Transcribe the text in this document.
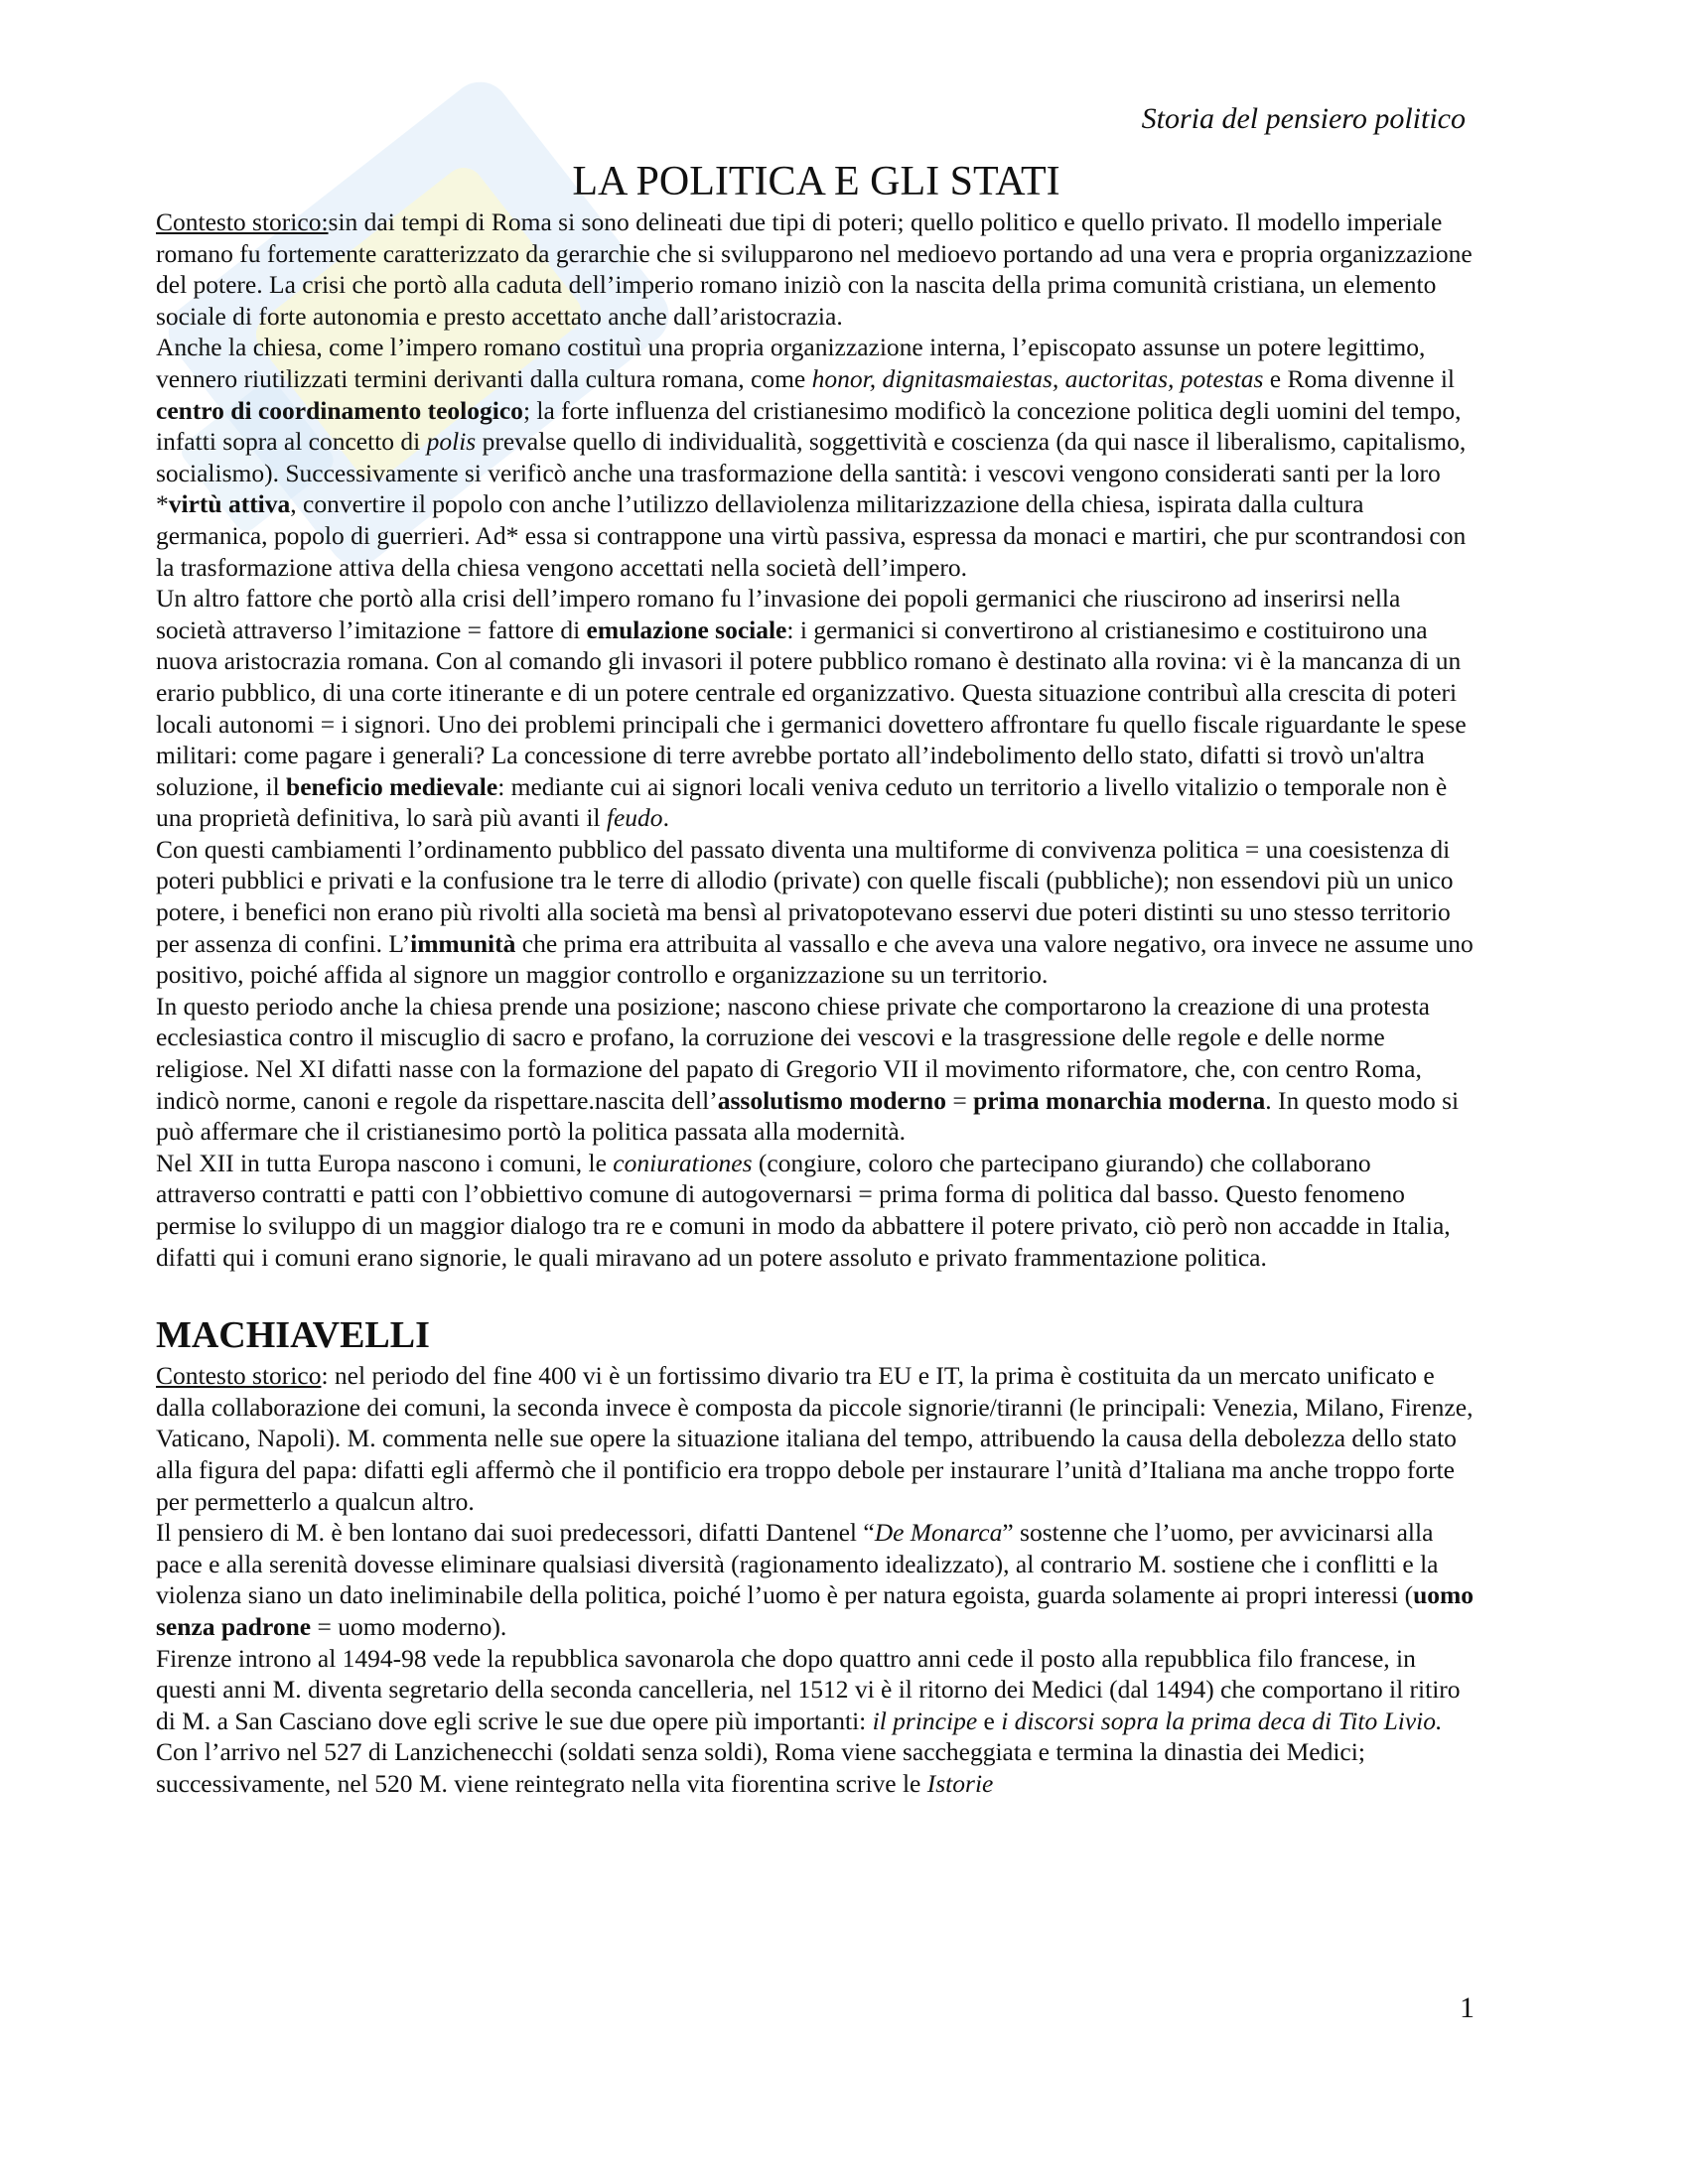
Storia del pensiero politico
LA POLITICA E GLI STATI

Contesto storico:sin dai tempi di Roma si sono delineati due tipi di poteri; quello politico e quello privato. Il modello imperiale romano fu fortemente caratterizzato da gerarchie che si svilupparono nel medioevo portando ad una vera e propria organizzazione del potere. La crisi che portò alla caduta dell’imperio romano iniziò con la nascita della prima comunità cristiana, un elemento sociale di forte autonomia e presto accettato anche dall’aristocrazia.

Anche la chiesa, come l’impero romano costituì una propria organizzazione interna, l’episcopato assunse un potere legittimo, vennero riutilizzati termini derivanti dalla cultura romana, come honor, dignitasmaiestas, auctoritas, potestas e Roma divenne il centro di coordinamento teologico; la forte influenza del cristianesimo modificò la concezione politica degli uomini del tempo, infatti sopra al concetto di polis prevalse quello di individualità, soggettività e coscienza (da qui nasce il liberalismo, capitalismo, socialismo). Successivamente si verificò anche una trasformazione della santità: i vescovi vengono considerati santi per la loro *virtù attiva, convertire il popolo con anche l’utilizzo dellaviolenza militarizzazione della chiesa, ispirata dalla cultura germanica, popolo di guerrieri. Ad* essa si contrappone una virtù passiva, espressa da monaci e martiri, che pur scontrandosi con la trasformazione attiva della chiesa vengono accettati nella società dell’impero.

Un altro fattore che portò alla crisi dell’impero romano fu l’invasione dei popoli germanici che riuscirono ad inserirsi nella società attraverso l’imitazione = fattore di emulazione sociale: i germanici si convertirono al cristianesimo e costituirono una nuova aristocrazia romana. Con al comando gli invasori il potere pubblico romano è destinato alla rovina: vi è la mancanza di un erario pubblico, di una corte itinerante e di un potere centrale ed organizzativo. Questa situazione contribuì alla crescita di poteri locali autonomi = i signori. Uno dei problemi principali che i germanici dovettero affrontare fu quello fiscale riguardante le spese militari: come pagare i generali? La concessione di terre avrebbe portato all’indebolimento dello stato, difatti si trovò un'altra soluzione, il beneficio medievale: mediante cui ai signori locali veniva ceduto un territorio a livello vitalizio o temporale non è una proprietà definitiva, lo sarà più avanti il feudo.

Con questi cambiamenti l’ordinamento pubblico del passato diventa una multiforme di convivenza politica = una coesistenza di poteri pubblici e privati e la confusione tra le terre di allodio (private) con quelle fiscali (pubbliche); non essendovi più un unico potere, i benefici non erano più rivolti alla società ma bensì al privatopotevano esservi due poteri distinti su uno stesso territorio per assenza di confini. L’immunità che prima era attribuita al vassallo e che aveva una valore negativo, ora invece ne assume uno positivo, poiché affida al signore un maggior controllo e organizzazione su un territorio.

In questo periodo anche la chiesa prende una posizione; nascono chiese private che comportarono la creazione di una protesta ecclesiastica contro il miscuglio di sacro e profano, la corruzione dei vescovi e la trasgressione delle regole e delle norme religiose. Nel XI difatti nasse con la formazione del papato di Gregorio VII il movimento riformatore, che, con centro Roma, indicò norme, canoni e regole da rispettare.nascita dell’assolutismo moderno = prima monarchia moderna. In questo modo si può affermare che il cristianesimo portò la politica passata alla modernità.

Nel XII in tutta Europa nascono i comuni, le coniurationes (congiure, coloro che partecipano giurando) che collaborano attraverso contratti e patti con l’obbiettivo comune di autogovernarsi = prima forma di politica dal basso. Questo fenomeno permise lo sviluppo di un maggior dialogo tra re e comuni in modo da abbattere il potere privato, ciò però non accadde in Italia, difatti qui i comuni erano signorie, le quali miravano ad un potere assoluto e privato frammentazione politica.

MACHIAVELLI

Contesto storico: nel periodo del fine 400 vi è un fortissimo divario tra EU e IT, la prima è costituita da un mercato unificato e dalla collaborazione dei comuni, la seconda invece è composta da piccole signorie/tiranni (le principali: Venezia, Milano, Firenze, Vaticano, Napoli). M. commenta nelle sue opere la situazione italiana del tempo, attribuendo la causa della debolezza dello stato alla figura del papa: difatti egli affermò che il pontificio era troppo debole per instaurare l’unità d’Italiana ma anche troppo forte per permetterlo a qualcun altro.

Il pensiero di M. è ben lontano dai suoi predecessori, difatti Dantenel “De Monarca” sostenne che l’uomo, per avvicinarsi alla pace e alla serenità dovesse eliminare qualsiasi diversità (ragionamento idealizzato), al contrario M. sostiene che i conflitti e la violenza siano un dato ineliminabile della politica, poiché l’uomo è per natura egoista, guarda solamente ai propri interessi (uomo senza padrone = uomo moderno).

Firenze introno al 1494-98 vede la repubblica savonarola che dopo quattro anni cede il posto alla repubblica filo francese, in questi anni M. diventa segretario della seconda cancelleria, nel 1512 vi è il ritorno dei Medici (dal 1494) che comportano il ritiro di M. a San Casciano dove egli scrive le sue due opere più importanti: il principe e i discorsi sopra la prima deca di Tito Livio. Con l’arrivo nel 527 di Lanzichenecchi (soldati senza soldi), Roma viene saccheggiata e termina la dinastia dei Medici; successivamente, nel 520 M. viene reintegrato nella vita fiorentina scrive le Istorie

1
